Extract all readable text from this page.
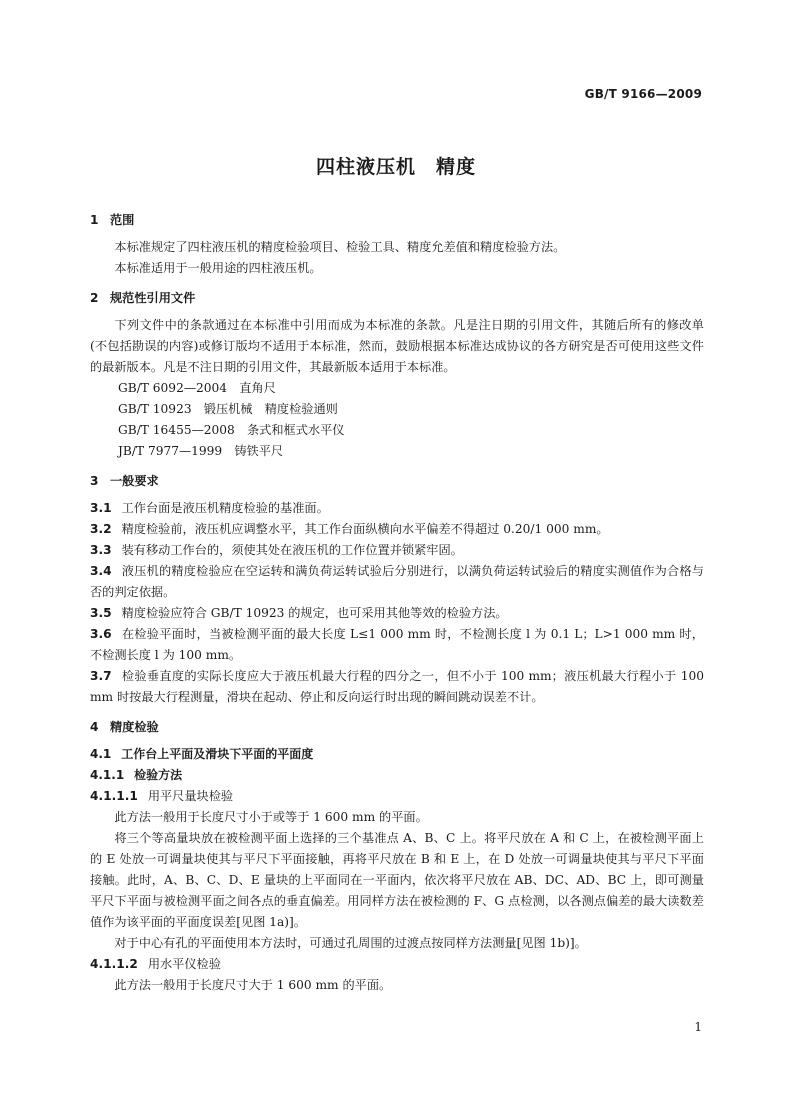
GB/T 9166—2009
四柱液压机　精度
1 范围

本标准规定了四柱液压机的精度检验项目、检验工具、精度允差值和精度检验方法。

本标准适用于一般用途的四柱液压机。

2 规范性引用文件

下列文件中的条款通过在本标准中引用而成为本标准的条款。凡是注日期的引用文件，其随后所有的修改单(不包括勘误的内容)或修订版均不适用于本标准，然而，鼓励根据本标准达成协议的各方研究是否可使用这些文件的最新版本。凡是不注日期的引用文件，其最新版本适用于本标准。

GB/T 6092—2004　直角尺

GB/T 10923　锻压机械　精度检验通则

GB/T 16455—2008　条式和框式水平仪

JB/T 7977—1999　铸铁平尺

3 一般要求

3.1 工作台面是液压机精度检验的基准面。

3.2 精度检验前，液压机应调整水平，其工作台面纵横向水平偏差不得超过 0.20/1 000 mm。

3.3 装有移动工作台的，须使其处在液压机的工作位置并锁紧牢固。

3.4 液压机的精度检验应在空运转和满负荷运转试验后分别进行，以满负荷运转试验后的精度实测值作为合格与否的判定依据。

3.5 精度检验应符合 GB/T 10923 的规定，也可采用其他等效的检验方法。

3.6 在检验平面时，当被检测平面的最大长度 L≤1 000 mm 时，不检测长度 l 为 0.1 L；L>1 000 mm 时，不检测长度 l 为 100 mm。

3.7 检验垂直度的实际长度应大于液压机最大行程的四分之一，但不小于 100 mm；液压机最大行程小于 100 mm 时按最大行程测量，滑块在起动、停止和反向运行时出现的瞬间跳动误差不计。

4 精度检验
4.1 工作台上平面及滑块下平面的平面度
4.1.1 检验方法

4.1.1.1 用平尺量块检验

此方法一般用于长度尺寸小于或等于 1 600 mm 的平面。

将三个等高量块放在被检测平面上选择的三个基准点 A、B、C 上。将平尺放在 A 和 C 上，在被检测平面上的 E 处放一可调量块使其与平尺下平面接触，再将平尺放在 B 和 E 上，在 D 处放一可调量块使其与平尺下平面接触。此时，A、B、C、D、E 量块的上平面同在一平面内，依次将平尺放在 AB、DC、AD、BC 上，即可测量平尺下平面与被检测平面之间各点的垂直偏差。用同样方法在被检测的 F、G 点检测，以各测点偏差的最大读数差值作为该平面的平面度误差[见图 1a)]。

对于中心有孔的平面使用本方法时，可通过孔周围的过渡点按同样方法测量[见图 1b)]。

4.1.1.2 用水平仪检验

此方法一般用于长度尺寸大于 1 600 mm 的平面。

1
